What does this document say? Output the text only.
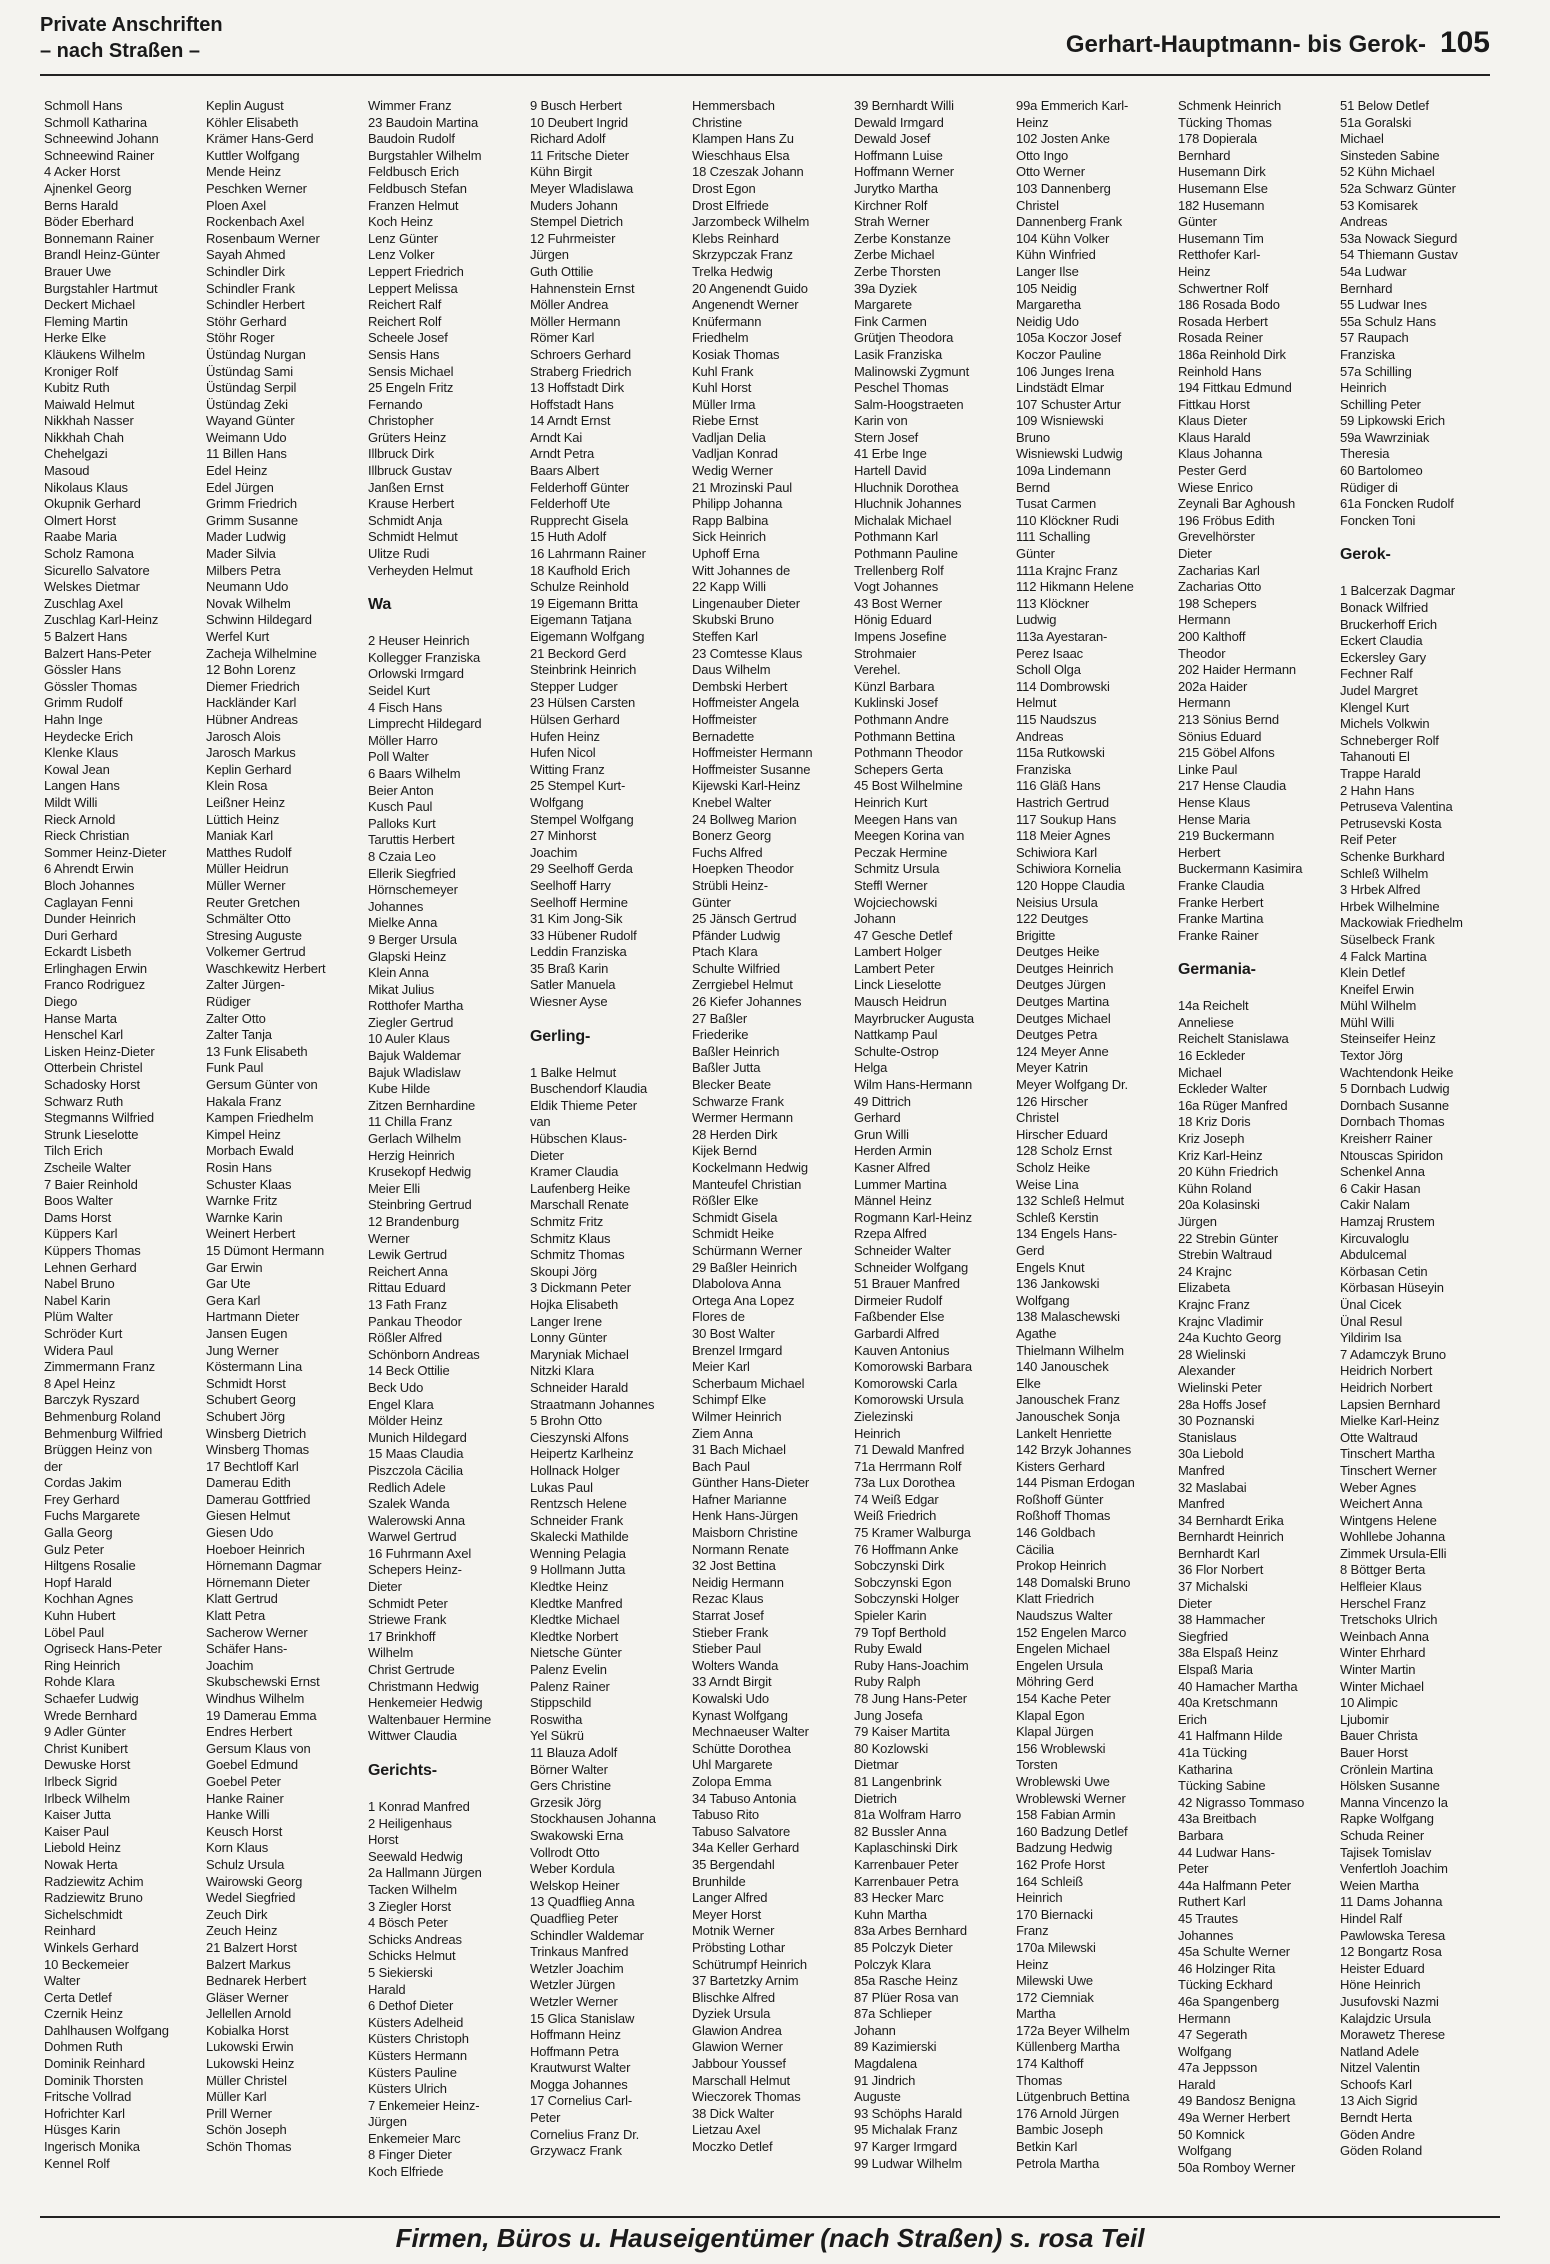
Private Anschriften
– nach Straßen –	Gerhart-Hauptmann- bis Gerok- 105
Schmoll Hans
Schmoll Katharina
Schneewind Johann
Schneewind Rainer
4 Acker Horst
Ajnenkel Georg
Berns Harald
Böder Eberhard
Bonnemann Rainer
Brandl Heinz-Günter
Brauer Uwe
Burgstahler Hartmut
Deckert Michael
Fleming Martin
Herke Elke
Kläukens Wilhelm
Kroniger Rolf
Kubitz Ruth
Maiwald Helmut
Nikkhah Nasser
Nikkhah Chah
Chehelgazi
Masoud
Nikolaus Klaus
Okupnik Gerhard
Olmert Horst
Raabe Maria
Scholz Ramona
Sicurello Salvatore
Welskes Dietmar
Zuschlag Axel
Zuschlag Karl-Heinz
5 Balzert Hans
Balzert Hans-Peter
Gössler Hans
Gössler Thomas
Grimm Rudolf
Hahn Inge
Heydecke Erich
Klenke Klaus
Kowal Jean
Langen Hans
Mildt Willi
Rieck Arnold
Rieck Christian
Sommer Heinz-Dieter
6 Ahrendt Erwin
Bloch Johannes
Caglayan Fenni
Dunder Heinrich
Duri Gerhard
Eckardt Lisbeth
Erlinghagen Erwin
Franco Rodriguez
Diego
Hanse Marta
Henschel Karl
Lisken Heinz-Dieter
Otterbein Christel
Schadosky Horst
Schwarz Ruth
Stegmanns Wilfried
Strunk Lieselotte
Tilch Erich
Zscheile Walter
7 Baier Reinhold
Boos Walter
Dams Horst
Küppers Karl
Küppers Thomas
Lehnen Gerhard
Nabel Bruno
Nabel Karin
Plüm Walter
Schröder Kurt
Widera Paul
Zimmermann Franz
8 Apel Heinz
Barczyk Ryszard
Behmenburg Roland
Behmenburg Wilfried
Brüggen Heinz von
der
Cordas Jakim
Frey Gerhard
Fuchs Margarete
Galla Georg
Gulz Peter
Hiltgens Rosalie
Hopf Harald
Kochhan Agnes
Kuhn Hubert
Löbel Paul
Ogriseck Hans-Peter
Ring Heinrich
Rohde Klara
Schaefer Ludwig
Wrede Bernhard
9 Adler Günter
Christ Kunibert
Dewuske Horst
Irlbeck Sigrid
Irlbeck Wilhelm
Kaiser Jutta
Kaiser Paul
Liebold Heinz
Nowak Herta
Radziewitz Achim
Radziewitz Bruno
Sichelschmidt
Reinhard
Winkels Gerhard
10 Beckemeier
Walter
Certa Detlef
Czernik Heinz
Dahlhausen Wolfgang
Dohmen Ruth
Dominik Reinhard
Dominik Thorsten
Fritsche Vollrad
Hofrichter Karl
Hüsges Karin
Ingerisch Monika
Kennel Rolf
Keplin August
Köhler Elisabeth
Krämer Hans-Gerd
Kuttler Wolfgang
Mende Heinz
Peschken Werner
Ploen Axel
Rockenbach Axel
Rosenbaum Werner
Sayah Ahmed
Schindler Dirk
Schindler Frank
Schindler Herbert
Stöhr Gerhard
Stöhr Roger
Üstündag Nurgan
Üstündag Sami
Üstündag Serpil
Üstündag Zeki
Wayand Günter
Weimann Udo
11 Billen Hans
Edel Heinz
Edel Jürgen
Grimm Friedrich
Grimm Susanne
Mader Ludwig
Mader Silvia
Milbers Petra
Neumann Udo
Novak Wilhelm
Schwinn Hildegard
Werfel Kurt
Zacheja Wilhelmine
12 Bohn Lorenz
Diemer Friedrich
Hackländer Karl
Hübner Andreas
Jarosch Alois
Jarosch Markus
Keplin Gerhard
Klein Rosa
Leißner Heinz
Lüttich Heinz
Maniak Karl
Matthes Rudolf
Müller Heidrun
Müller Werner
Reuter Gretchen
Schmälter Otto
Stresing Auguste
Volkemer Gertrud
Waschkewitz Herbert
Zalter Jürgen-
Rüdiger
Zalter Otto
Zalter Tanja
13 Funk Elisabeth
Funk Paul
Gersum Günter von
Hakala Franz
Kampen Friedhelm
Kimpel Heinz
Morbach Ewald
Rosin Hans
Schuster Klaas
Warnke Fritz
Warnke Karin
Weinert Herbert
15 Dümont Hermann
Gar Erwin
Gar Ute
Gera Karl
Hartmann Dieter
Jansen Eugen
Jung Werner
Köstermann Lina
Schmidt Horst
Schubert Georg
Schubert Jörg
Winsberg Dietrich
Winsberg Thomas
17 Bechtloff Karl
Damerau Edith
Damerau Gottfried
Giesen Helmut
Giesen Udo
Hoeboer Heinrich
Hörnemann Dagmar
Hörnemann Dieter
Klatt Gertrud
Klatt Petra
Sacherow Werner
Schäfer Hans-
Joachim
Skubschewski Ernst
Windhus Wilhelm
19 Damerau Emma
Endres Herbert
Gersum Klaus von
Goebel Edmund
Goebel Peter
Hanke Rainer
Hanke Willi
Keusch Horst
Korn Klaus
Schulz Ursula
Wairowski Georg
Wedel Siegfried
Zeuch Dirk
Zeuch Heinz
21 Balzert Horst
Balzert Markus
Bednarek Herbert
Gläser Werner
Jellellen Arnold
Kobialka Horst
Lukowski Erwin
Lukowski Heinz
Müller Christel
Müller Karl
Prill Werner
Schön Joseph
Schön Thomas
Wimmer Franz
23 Baudoin Martina
Baudoin Rudolf
Burgstahler Wilhelm
Feldbusch Erich
Feldbusch Stefan
Franzen Helmut
Koch Heinz
Lenz Günter
Lenz Volker
Leppert Friedrich
Leppert Melissa
Reichert Ralf
Reichert Rolf
Scheele Josef
Sensis Hans
Sensis Michael
25 Engeln Fritz
Fernando
Christopher
Grüters Heinz
Illbruck Dirk
Illbruck Gustav
Janßen Ernst
Krause Herbert
Schmidt Anja
Schmidt Helmut
Ulitze Rudi
Verheyden Helmut
Wa
2 Heuser Heinrich
Kollegger Franziska
Orlowski Irmgard
Seidel Kurt
4 Fisch Hans
Limprecht Hildegard
Möller Harro
Poll Walter
6 Baars Wilhelm
Beier Anton
Kusch Paul
Palloks Kurt
Taruttis Herbert
8 Czaia Leo
Ellerik Siegfried
Hörnschemeyer
Johannes
Mielke Anna
9 Berger Ursula
Glapski Heinz
Klein Anna
Mikat Julius
Rotthofer Martha
Ziegler Gertrud
10 Auler Klaus
Bajuk Waldemar
Bajuk Wladislaw
Kube Hilde
Zitzen Bernhardine
11 Chilla Franz
Gerlach Wilhelm
Herzig Heinrich
Krusekopf Hedwig
Meier Elli
Steinbring Gertrud
12 Brandenburg
Werner
Lewik Gertrud
Reichert Anna
Rittau Eduard
13 Fath Franz
Pankau Theodor
Rößler Alfred
Schönborn Andreas
14 Beck Ottilie
Beck Udo
Engel Klara
Mölder Heinz
Munich Hildegard
15 Maas Claudia
Piszczola Cäcilia
Redlich Adele
Szalek Wanda
Walerowski Anna
Warwel Gertrud
16 Fuhrmann Axel
Schepers Heinz-
Dieter
Schmidt Peter
Striewe Frank
17 Brinkhoff
Wilhelm
Christ Gertrude
Christmann Hedwig
Henkemeier Hedwig
Waltenbauer Hermine
Wittwer Claudia
Gerichts-
1 Konrad Manfred
2 Heiligenhaus
Horst
Seewald Hedwig
2a Hallmann Jürgen
Tacken Wilhelm
3 Ziegler Horst
4 Bösch Peter
Schicks Andreas
Schicks Helmut
5 Siekierski
Harald
6 Dethof Dieter
Küsters Adelheid
Küsters Christoph
Küsters Hermann
Küsters Pauline
Küsters Ulrich
7 Enkemeier Heinz-
Jürgen
Enkemeier Marc
8 Finger Dieter
Koch Elfriede
9 Busch Herbert
10 Deubert Ingrid
Richard Adolf
11 Fritsche Dieter
Kühn Birgit
Meyer Wladislawa
Muders Johann
Stempel Dietrich
12 Fuhrmeister
Jürgen
Guth Ottilie
Hahnenstein Ernst
Möller Andrea
Möller Hermann
Römer Karl
Schroers Gerhard
Straberg Friedrich
13 Hoffstadt Dirk
Hoffstadt Hans
14 Arndt Ernst
Arndt Kai
Arndt Petra
Baars Albert
Felderhoff Günter
Felderhoff Ute
Rupprecht Gisela
15 Huth Adolf
16 Lahrmann Rainer
18 Kaufhold Erich
Schulze Reinhold
19 Eigemann Britta
Eigemann Tatjana
Eigemann Wolfgang
21 Beckord Gerd
Steinbrink Heinrich
Stepper Ludger
23 Hülsen Carsten
Hülsen Gerhard
Hufen Heinz
Hufen Nicol
Witting Franz
25 Stempel Kurt-
Wolfgang
Stempel Wolfgang
27 Minhorst
Joachim
29 Seelhoff Gerda
Seelhoff Harry
Seelhoff Hermine
31 Kim Jong-Sik
33 Hübener Rudolf
Leddin Franziska
35 Braß Karin
Satler Manuela
Wiesner Ayse
Gerling-
1 Balke Helmut
Buschendorf Klaudia
Eldik Thieme Peter
van
Hübschen Klaus-
Dieter
Kramer Claudia
Laufenberg Heike
Marschall Renate
Schmitz Fritz
Schmitz Klaus
Schmitz Thomas
Skoupi Jörg
3 Dickmann Peter
Hojka Elisabeth
Langer Irene
Lonny Günter
Maryniak Michael
Nitzki Klara
Schneider Harald
Straatmann Johannes
5 Brohn Otto
Cieszynski Alfons
Heipertz Karlheinz
Hollnack Holger
Lukas Paul
Rentzsch Helene
Schneider Frank
Skalecki Mathilde
Wenning Pelagia
9 Hollmann Jutta
Kledtke Heinz
Kledtke Manfred
Kledtke Michael
Kledtke Norbert
Nietsche Günter
Palenz Evelin
Palenz Rainer
Stippschild
Roswitha
Yel Sükrü
11 Blauza Adolf
Börner Walter
Gers Christine
Grzesik Jörg
Stockhausen Johanna
Swakowski Erna
Vollrodt Otto
Weber Kordula
Welskop Heiner
13 Quadflieg Anna
Quadflieg Peter
Schindler Waldemar
Trinkaus Manfred
Wetzler Joachim
Wetzler Jürgen
Wetzler Werner
15 Glica Stanislaw
Hoffmann Heinz
Hoffmann Petra
Krautwurst Walter
Mogga Johannes
17 Cornelius Carl-
Peter
Cornelius Franz Dr.
Grzywacz Frank
Hemmersbach
Christine
Klampen Hans Zu
Wieschhaus Elsa
18 Czeszak Johann
Drost Egon
Drost Elfriede
Jarzombeck Wilhelm
Klebs Reinhard
Skrzypczak Franz
Trelka Hedwig
20 Angenendt Guido
Angenendt Werner
Knüfermann
Friedhelm
Kosiak Thomas
Kuhl Frank
Kuhl Horst
Müller Irma
Riebe Ernst
Vadljan Delia
Vadljan Konrad
Wedig Werner
21 Mrozinski Paul
Philipp Johanna
Rapp Balbina
Sick Heinrich
Uphoff Erna
Witt Johannes de
22 Kapp Willi
Lingenauber Dieter
Skubski Bruno
Steffen Karl
23 Comtesse Klaus
Daus Wilhelm
Dembski Herbert
Hoffmeister Angela
Hoffmeister
Bernadette
Hoffmeister Hermann
Hoffmeister Susanne
Kijewski Karl-Heinz
Knebel Walter
24 Bollweg Marion
Bonerz Georg
Fuchs Alfred
Hoepken Theodor
Strübli Heinz-
Günter
25 Jänsch Gertrud
Pfänder Ludwig
Ptach Klara
Schulte Wilfried
Zerrgiebel Helmut
26 Kiefer Johannes
27 Baßler
Friederike
Baßler Heinrich
Baßler Jutta
Blecker Beate
Schwarze Frank
Wermer Hermann
28 Herden Dirk
Kijek Bernd
Kockelmann Hedwig
Manteufel Christian
Rößler Elke
Schmidt Gisela
Schmidt Heike
Schürmann Werner
29 Baßler Heinrich
Dlabolova Anna
Ortega Ana Lopez
Flores de
30 Bost Walter
Brenzel Irmgard
Meier Karl
Scherbaum Michael
Schimpf Elke
Wilmer Heinrich
Ziem Anna
31 Bach Michael
Bach Paul
Günther Hans-Dieter
Hafner Marianne
Henk Hans-Jürgen
Maisborn Christine
Normann Renate
32 Jost Bettina
Neidig Hermann
Rezac Klaus
Starrat Josef
Stieber Frank
Stieber Paul
Wolters Wanda
33 Arndt Birgit
Kowalski Udo
Kynast Wolfgang
Mechnaeuser Walter
Schütte Dorothea
Uhl Margarete
Zolopa Emma
34 Tabuso Antonia
Tabuso Rito
Tabuso Salvatore
34a Keller Gerhard
35 Bergendahl
Brunhilde
Langer Alfred
Meyer Horst
Motnik Werner
Pröbsting Lothar
Schütrumpf Heinrich
37 Bartetzky Arnim
Blischke Alfred
Dyziek Ursula
Glawion Andrea
Glawion Werner
Jabbour Youssef
Marschall Helmut
Wieczorek Thomas
38 Dick Walter
Lietzau Axel
Moczko Detlef
39 Bernhardt Willi
Dewald Irmgard
Dewald Josef
Hoffmann Luise
Hoffmann Werner
Jurytko Martha
Kirchner Rolf
Strah Werner
Zerbe Konstanze
Zerbe Michael
Zerbe Thorsten
39a Dyziek
Margarete
Fink Carmen
Grütjen Theodora
Lasik Franziska
Malinowski Zygmunt
Peschel Thomas
Salm-Hoogstraeten
Karin von
Stern Josef
41 Erbe Inge
Hartell David
Hluchnik Dorothea
Hluchnik Johannes
Michalak Michael
Pothmann Karl
Pothmann Pauline
Trellenberg Rolf
Vogt Johannes
43 Bost Werner
Hönig Eduard
Impens Josefine
Strohmaier
Verehel.
Künzl Barbara
Kuklinski Josef
Pothmann Andre
Pothmann Bettina
Pothmann Theodor
Schepers Gerta
45 Bost Wilhelmine
Heinrich Kurt
Meegen Hans van
Meegen Korina van
Peczak Hermine
Schmitz Ursula
Steffl Werner
Wojciechowski
Johann
47 Gesche Detlef
Lambert Holger
Lambert Peter
Linck Lieselotte
Mausch Heidrun
Mayrbrucker Augusta
Nattkamp Paul
Schulte-Ostrop
Helga
Wilm Hans-Hermann
49 Dittrich
Gerhard
Grun Willi
Herden Armin
Kasner Alfred
Lummer Martina
Männel Heinz
Rogmann Karl-Heinz
Rzepa Alfred
Schneider Walter
Schneider Wolfgang
51 Brauer Manfred
Dirmeier Rudolf
Faßbender Else
Garbardi Alfred
Kauven Antonius
Komorowski Barbara
Komorowski Carla
Komorowski Ursula
Zielezinski
Heinrich
71 Dewald Manfred
71a Herrmann Rolf
73a Lux Dorothea
74 Weiß Edgar
Weiß Friedrich
75 Kramer Walburga
76 Hoffmann Anke
Sobczynski Dirk
Sobczynski Egon
Sobczynski Holger
Spieler Karin
79 Topf Berthold
Ruby Ewald
Ruby Hans-Joachim
Ruby Ralph
78 Jung Hans-Peter
Jung Josefa
79 Kaiser Martita
80 Kozlowski
Dietmar
81 Langenbrink
Dietrich
81a Wolfram Harro
82 Bussler Anna
Kaplaschinski Dirk
Karrenbauer Peter
Karrenbauer Petra
83 Hecker Marc
Kuhn Martha
83a Arbes Bernhard
85 Polczyk Dieter
Polczyk Klara
85a Rasche Heinz
87 Plüer Rosa van
87a Schlieper
Johann
89 Kazimierski
Magdalena
91 Jindrich
Auguste
93 Schöphs Harald
95 Michalak Franz
97 Karger Irmgard
99 Ludwar Wilhelm
99a Emmerich Karl-
Heinz
102 Josten Anke
Otto Ingo
Otto Werner
103 Dannenberg
Christel
Dannenberg Frank
104 Kühn Volker
Kühn Winfried
Langer Ilse
105 Neidig
Margaretha
Neidig Udo
105a Koczor Josef
Koczor Pauline
106 Junges Irena
Lindstädt Elmar
107 Schuster Artur
109 Wisniewski
Bruno
Wisniewski Ludwig
109a Lindemann
Bernd
Tusat Carmen
110 Klöckner Rudi
111 Schalling
Günter
111a Krajnc Franz
112 Hikmann Helene
113 Klöckner
Ludwig
113a Ayestaran-
Perez Isaac
Scholl Olga
114 Dombrowski
Helmut
115 Naudszus
Andreas
115a Rutkowski
Franziska
116 Gläß Hans
Hastrich Gertrud
117 Soukup Hans
118 Meier Agnes
Schiwiora Karl
Schiwiora Kornelia
120 Hoppe Claudia
Neisius Ursula
122 Deutges
Brigitte
Deutges Heike
Deutges Heinrich
Deutges Jürgen
Deutges Martina
Deutges Michael
Deutges Petra
124 Meyer Anne
Meyer Katrin
Meyer Wolfgang Dr.
126 Hirscher
Christel
Hirscher Eduard
128 Scholz Ernst
Scholz Heike
Weise Lina
132 Schleß Helmut
Schleß Kerstin
134 Engels Hans-
Gerd
Engels Knut
136 Jankowski
Wolfgang
138 Malaschewski
Agathe
Thielmann Wilhelm
140 Janouschek
Elke
Janouschek Franz
Janouschek Sonja
Lankelt Henriette
142 Brzyk Johannes
Kisters Gerhard
144 Pisman Erdogan
Roßhoff Günter
Roßhoff Thomas
146 Goldbach
Cäcilia
Prokop Heinrich
148 Domalski Bruno
Klatt Friedrich
Naudszus Walter
152 Engelen Marco
Engelen Michael
Engelen Ursula
Möhring Gerd
154 Kache Peter
Klapal Egon
Klapal Jürgen
156 Wroblewski
Torsten
Wroblewski Uwe
Wroblewski Werner
158 Fabian Armin
160 Badzung Detlef
Badzung Hedwig
162 Profe Horst
164 Schleiß
Heinrich
170 Biernacki
Franz
170a Milewski
Heinz
Milewski Uwe
172 Ciemniak
Martha
172a Beyer Wilhelm
Küllenberg Martha
174 Kalthoff
Thomas
Lütgenbruch Bettina
176 Arnold Jürgen
Bambic Joseph
Betkin Karl
Petrola Martha
Schmenk Heinrich
Tücking Thomas
178 Dopierala
Bernhard
Husemann Dirk
Husemann Else
182 Husemann
Günter
Husemann Tim
Retthofer Karl-
Heinz
Schwertner Rolf
186 Rosada Bodo
Rosada Herbert
Rosada Reiner
186a Reinhold Dirk
Reinhold Hans
194 Fittkau Edmund
Fittkau Horst
Klaus Dieter
Klaus Harald
Klaus Johanna
Pester Gerd
Wiese Enrico
Zeynali Bar Aghoush
196 Fröbus Edith
Grevelhörster
Dieter
Zacharias Karl
Zacharias Otto
198 Schepers
Hermann
200 Kalthoff
Theodor
202 Haider Hermann
202a Haider
Hermann
213 Sönius Bernd
Sönius Eduard
215 Göbel Alfons
Linke Paul
217 Hense Claudia
Hense Klaus
Hense Maria
219 Buckermann
Herbert
Buckermann Kasimira
Franke Claudia
Franke Herbert
Franke Martina
Franke Rainer
Germania-
14a Reichelt
Anneliese
Reichelt Stanislawa
16 Eckleder
Michael
Eckleder Walter
16a Rüger Manfred
18 Kriz Doris
Kriz Joseph
Kriz Karl-Heinz
20 Kühn Friedrich
Kühn Roland
20a Kolasinski
Jürgen
22 Strebin Günter
Strebin Waltraud
24 Krajnc
Elizabeta
Krajnc Franz
Krajnc Vladimir
24a Kuchto Georg
28 Wielinski
Alexander
Wielinski Peter
28a Hoffs Josef
30 Poznanski
Stanislaus
30a Liebold
Manfred
32 Maslabai
Manfred
34 Bernhardt Erika
Bernhardt Heinrich
Bernhardt Karl
36 Flor Norbert
37 Michalski
Dieter
38 Hammacher
Siegfried
38a Elspaß Heinz
Elspaß Maria
40 Hamacher Martha
40a Kretschmann
Erich
41 Halfmann Hilde
41a Tücking
Katharina
Tücking Sabine
42 Nigrasso Tommaso
43a Breitbach
Barbara
44 Ludwar Hans-
Peter
44a Halfmann Peter
Ruthert Karl
45 Trautes
Johannes
45a Schulte Werner
46 Holzinger Rita
Tücking Eckhard
46a Spangenberg
Hermann
47 Segerath
Wolfgang
47a Jeppsson
Harald
49 Bandosz Benigna
49a Werner Herbert
50 Komnick
Wolfgang
50a Romboy Werner
51 Below Detlef
51a Goralski
Michael
Sinsteden Sabine
52 Kühn Michael
52a Schwarz Günter
53 Komisarek
Andreas
53a Nowack Siegurd
54 Thiemann Gustav
54a Ludwar
Bernhard
55 Ludwar Ines
55a Schulz Hans
57 Raupach
Franziska
57a Schilling
Heinrich
Schilling Peter
59 Lipkowski Erich
59a Wawrziniak
Theresia
60 Bartolomeo
Rüdiger di
61a Foncken Rudolf
Foncken Toni
Gerok-
1 Balcerzak Dagmar
Bonack Wilfried
Bruckerhoff Erich
Eckert Claudia
Eckersley Gary
Fechner Ralf
Judel Margret
Klengel Kurt
Michels Volkwin
Schneberger Rolf
Tahanouti El
Trappe Harald
2 Hahn Hans
Petruseva Valentina
Petrusevski Kosta
Reif Peter
Schenke Burkhard
Schleß Wilhelm
3 Hrbek Alfred
Hrbek Wilhelmine
Mackowiak Friedhelm
Süselbeck Frank
4 Falck Martina
Klein Detlef
Kneifel Erwin
Mühl Wilhelm
Mühl Willi
Steinseifer Heinz
Textor Jörg
Wachtendonk Heike
5 Dornbach Ludwig
Dornbach Susanne
Dornbach Thomas
Kreisherr Rainer
Ntouscas Spiridon
Schenkel Anna
6 Cakir Hasan
Cakir Nalam
Hamzaj Rrustem
Kircuvaloglu
Abdulcemal
Körbasan Cetin
Körbasan Hüseyin
Ünal Cicek
Ünal Resul
Yildirim Isa
7 Adamczyk Bruno
Heidrich Norbert
Heidrich Norbert
Lapsien Bernhard
Mielke Karl-Heinz
Otte Waltraud
Tinschert Martha
Tinschert Werner
Weber Agnes
Weichert Anna
Wintgens Helene
Wohllebe Johanna
Zimmek Ursula-Elli
8 Böttger Berta
Helfleier Klaus
Herschel Franz
Tretschoks Ulrich
Weinbach Anna
Winter Ehrhard
Winter Martin
Winter Michael
10 Alimpic
Ljubomir
Bauer Christa
Bauer Horst
Crönlein Martina
Hölsken Susanne
Manna Vincenzo la
Rapke Wolfgang
Schuda Reiner
Tajisek Tomislav
Venfertloh Joachim
Weien Martha
11 Dams Johanna
Hindel Ralf
Pawlowska Teresa
12 Bongartz Rosa
Heister Eduard
Höne Heinrich
Jusufovski Nazmi
Kalajdzic Ursula
Morawetz Therese
Natland Adele
Nitzel Valentin
Schoofs Karl
13 Aich Sigrid
Berndt Herta
Göden Andre
Göden Roland
Firmen, Büros u. Hauseigentümer (nach Straßen) s. rosa Teil
